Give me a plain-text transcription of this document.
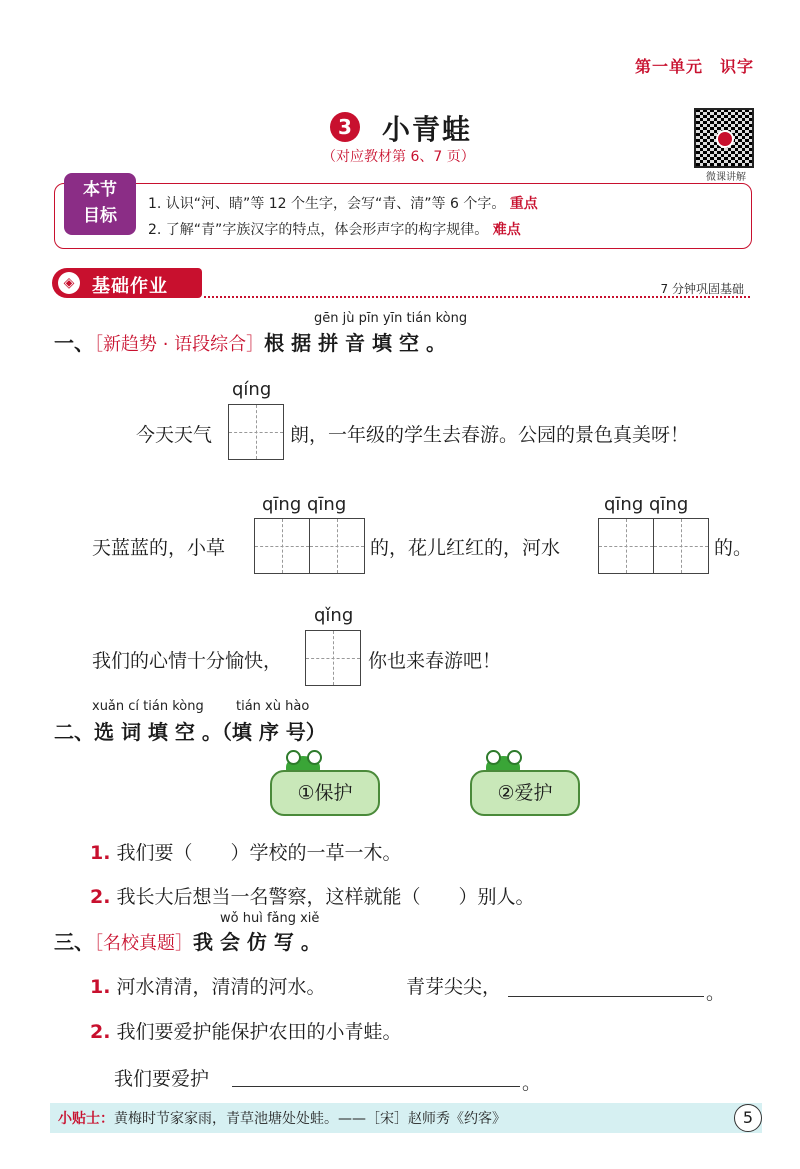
第一单元　识字
3 小青蛙
（对应教材第 6、7 页）
微课讲解
本节
目标
1. 认识“河、睛”等 12 个生字，会写“青、清”等 6 个字。 重点
2. 了解“青”字族汉字的特点，体会形声字的构字规律。 难点
◈ 基础作业	7 分钟巩固基础
gēn jù pīn yīn tián kòng
一、［新趋势 · 语段综合］根 据 拼 音 填 空 。
qíng
今天天气	朗，一年级的学生去春游。公园的景色真美呀！
qīng qīng
天蓝蓝的，小草	的，花儿红红的，河水
qīng qīng
的。
qǐng
我们的心情十分愉快，	你也来春游吧！
xuǎn cí tián kòng tián xù hào
二、选 词 填 空 。（填 序 号）
①保护	②爱护
1. 我们要（　　）学校的一草一木。
2. 我长大后想当一名警察，这样就能（　　）别人。
wǒ huì fǎng xiě
三、［名校真题］我 会 仿 写 。
1. 河水清清，清清的河水。	青芽尖尖，	。
2. 我们要爱护能保护农田的小青蛙。
我们要爱护	。
小贴士：黄梅时节家家雨，青草池塘处处蛙。——［宋］赵师秀《约客》	5
